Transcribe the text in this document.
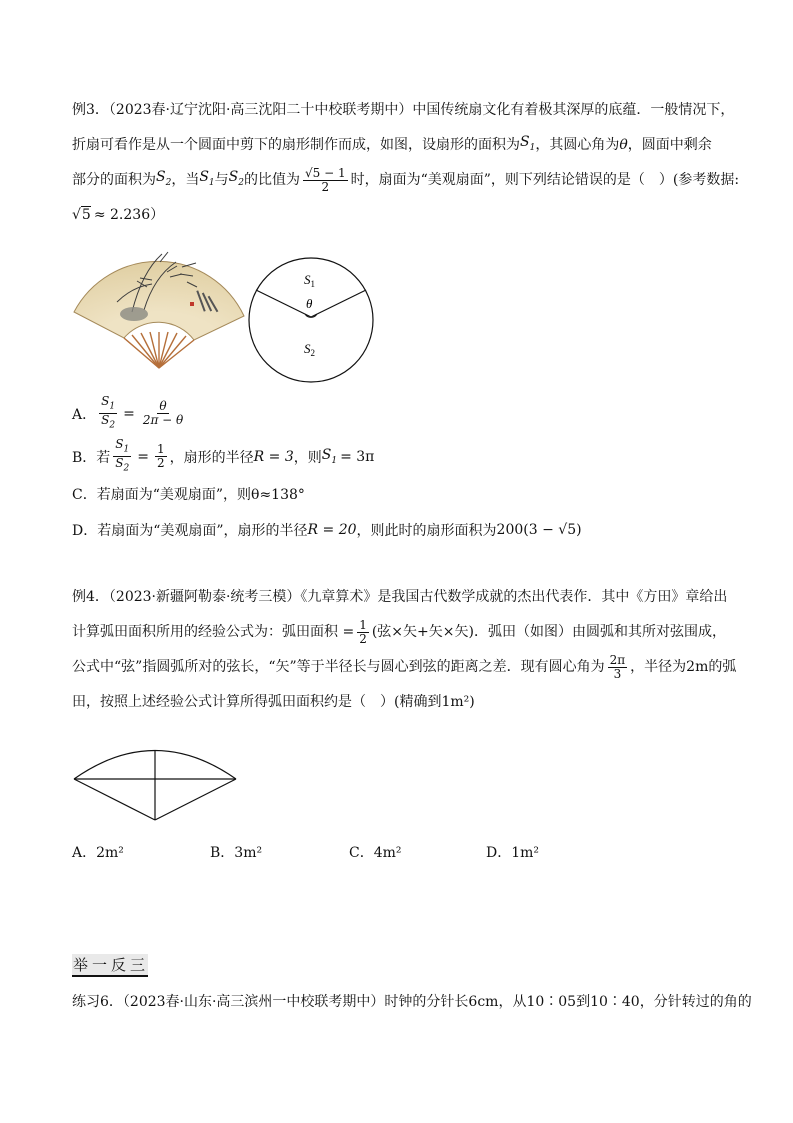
例3．（2023春·辽宁沈阳·高三沈阳二十中校联考期中）中国传统扇文化有着极其深厚的底蕴．一般情况下，
折扇可看作是从一个圆面中剪下的扇形制作而成，如图，设扇形的面积为 $S_1$ ，其圆心角为 θ ，圆面中剩余
部分的面积为 $S_2$ ，当 $S_1$ 与 $S_2$ 的比值为 $\frac{√5 - 1}{2}$ 时，扇面为“美观扇面”，则下列结论错误的是（　）(参考数据:
√5 ≈ 2.236）
$S_1$
θ
$S_2$
A． $\frac{S_1}{S_2} = \frac{\theta}{2\pi - \theta}$
B．若 $\frac{S_1}{S_2} = \frac{1}{2}$ ，扇形的半径 R = 3 ，则 $S_1 = 3\pi$
C．若扇面为“美观扇面”，则θ≈138°
D．若扇面为“美观扇面”，扇形的半径 R = 20 ，则此时的扇形面积为 200(3 − √5)
例4．（2023·新疆阿勒泰·统考三模）《九章算术》是我国古代数学成就的杰出代表作．其中《方田》章给出
计算弧田面积所用的经验公式为：弧田面积 = $\frac{1}{2}$ (弦×矢+矢×矢)．弧田（如图）由圆弧和其所对弦围成，
公式中“弦”指圆弧所对的弦长，“矢”等于半径长与圆心到弦的距离之差．现有圆心角为 $\frac{2\pi}{3}$ ，半径为2m的弧
田，按照上述经验公式计算所得弧田面积约是（　）(精确到1m²)
A．2m²	B．3m²	C．4m²	D．1m²
举 一 反 三
练习6．（2023春·山东·高三滨州一中校联考期中）时钟的分针长6cm，从10∶05到10∶40，分针转过的角的
